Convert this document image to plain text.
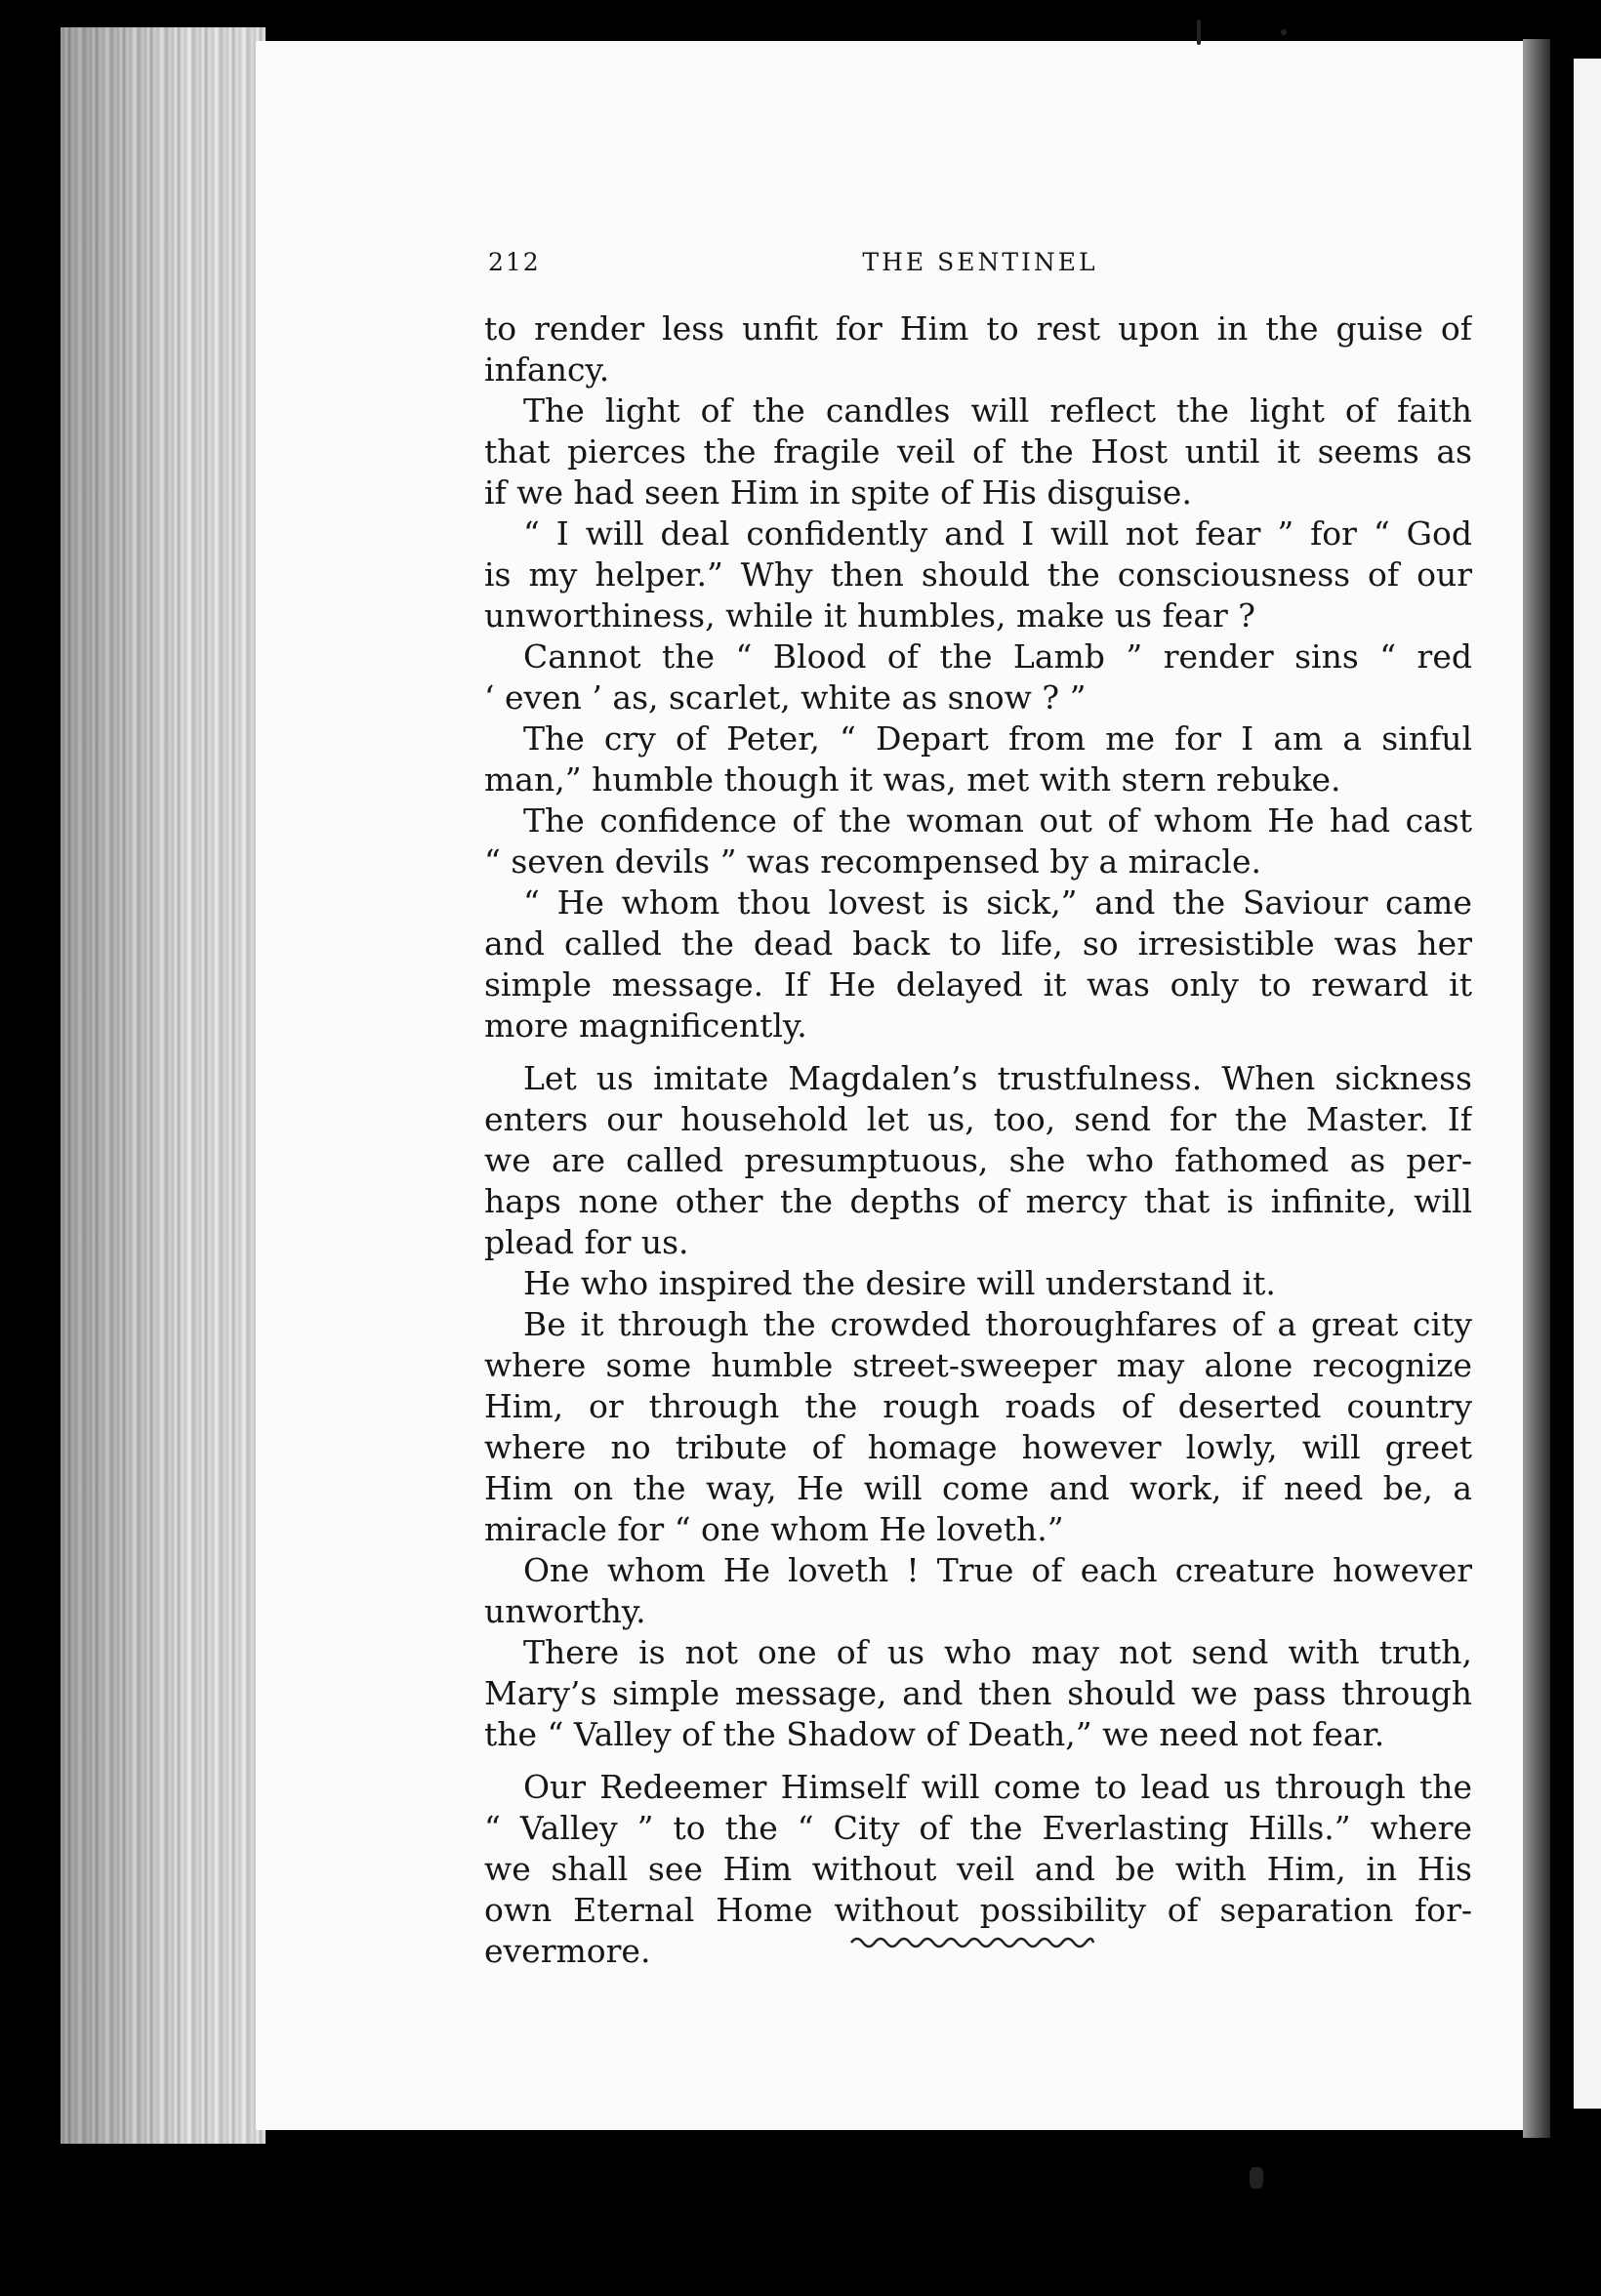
212	THE SENTINEL
to render less unfit for Him to rest upon in the guise of
infancy.
The light of the candles will reflect the light of faith
that pierces the fragile veil of the Host until it seems as
if we had seen Him in spite of His disguise.
“ I will deal confidently and I will not fear ” for “ God
is my helper.” Why then should the consciousness of our
unworthiness, while it humbles, make us fear ?
Cannot the “ Blood of the Lamb ” render sins “ red
‘ even ’ as, scarlet, white as snow ? ”
The cry of Peter, “ Depart from me for I am a sinful
man,” humble though it was, met with stern rebuke.
The confidence of the woman out of whom He had cast
“ seven devils ” was recompensed by a miracle.
“ He whom thou lovest is sick,” and the Saviour came
and called the dead back to life, so irresistible was her
simple message. If He delayed it was only to reward it
more magnificently.
Let us imitate Magdalen’s trustfulness. When sickness
enters our household let us, too, send for the Master. If
we are called presumptuous, she who fathomed as per-
haps none other the depths of mercy that is infinite, will
plead for us.
He who inspired the desire will understand it.
Be it through the crowded thoroughfares of a great city
where some humble street-sweeper may alone recognize
Him, or through the rough roads of deserted country
where no tribute of homage however lowly, will greet
Him on the way, He will come and work, if need be, a
miracle for “ one whom He loveth.”
One whom He loveth ! True of each creature however
unworthy.
There is not one of us who may not send with truth,
Mary’s simple message, and then should we pass through
the “ Valley of the Shadow of Death,” we need not fear.
Our Redeemer Himself will come to lead us through the
“ Valley ” to the “ City of the Everlasting Hills.” where
we shall see Him without veil and be with Him, in His
own Eternal Home without possibility of separation for-
evermore.
